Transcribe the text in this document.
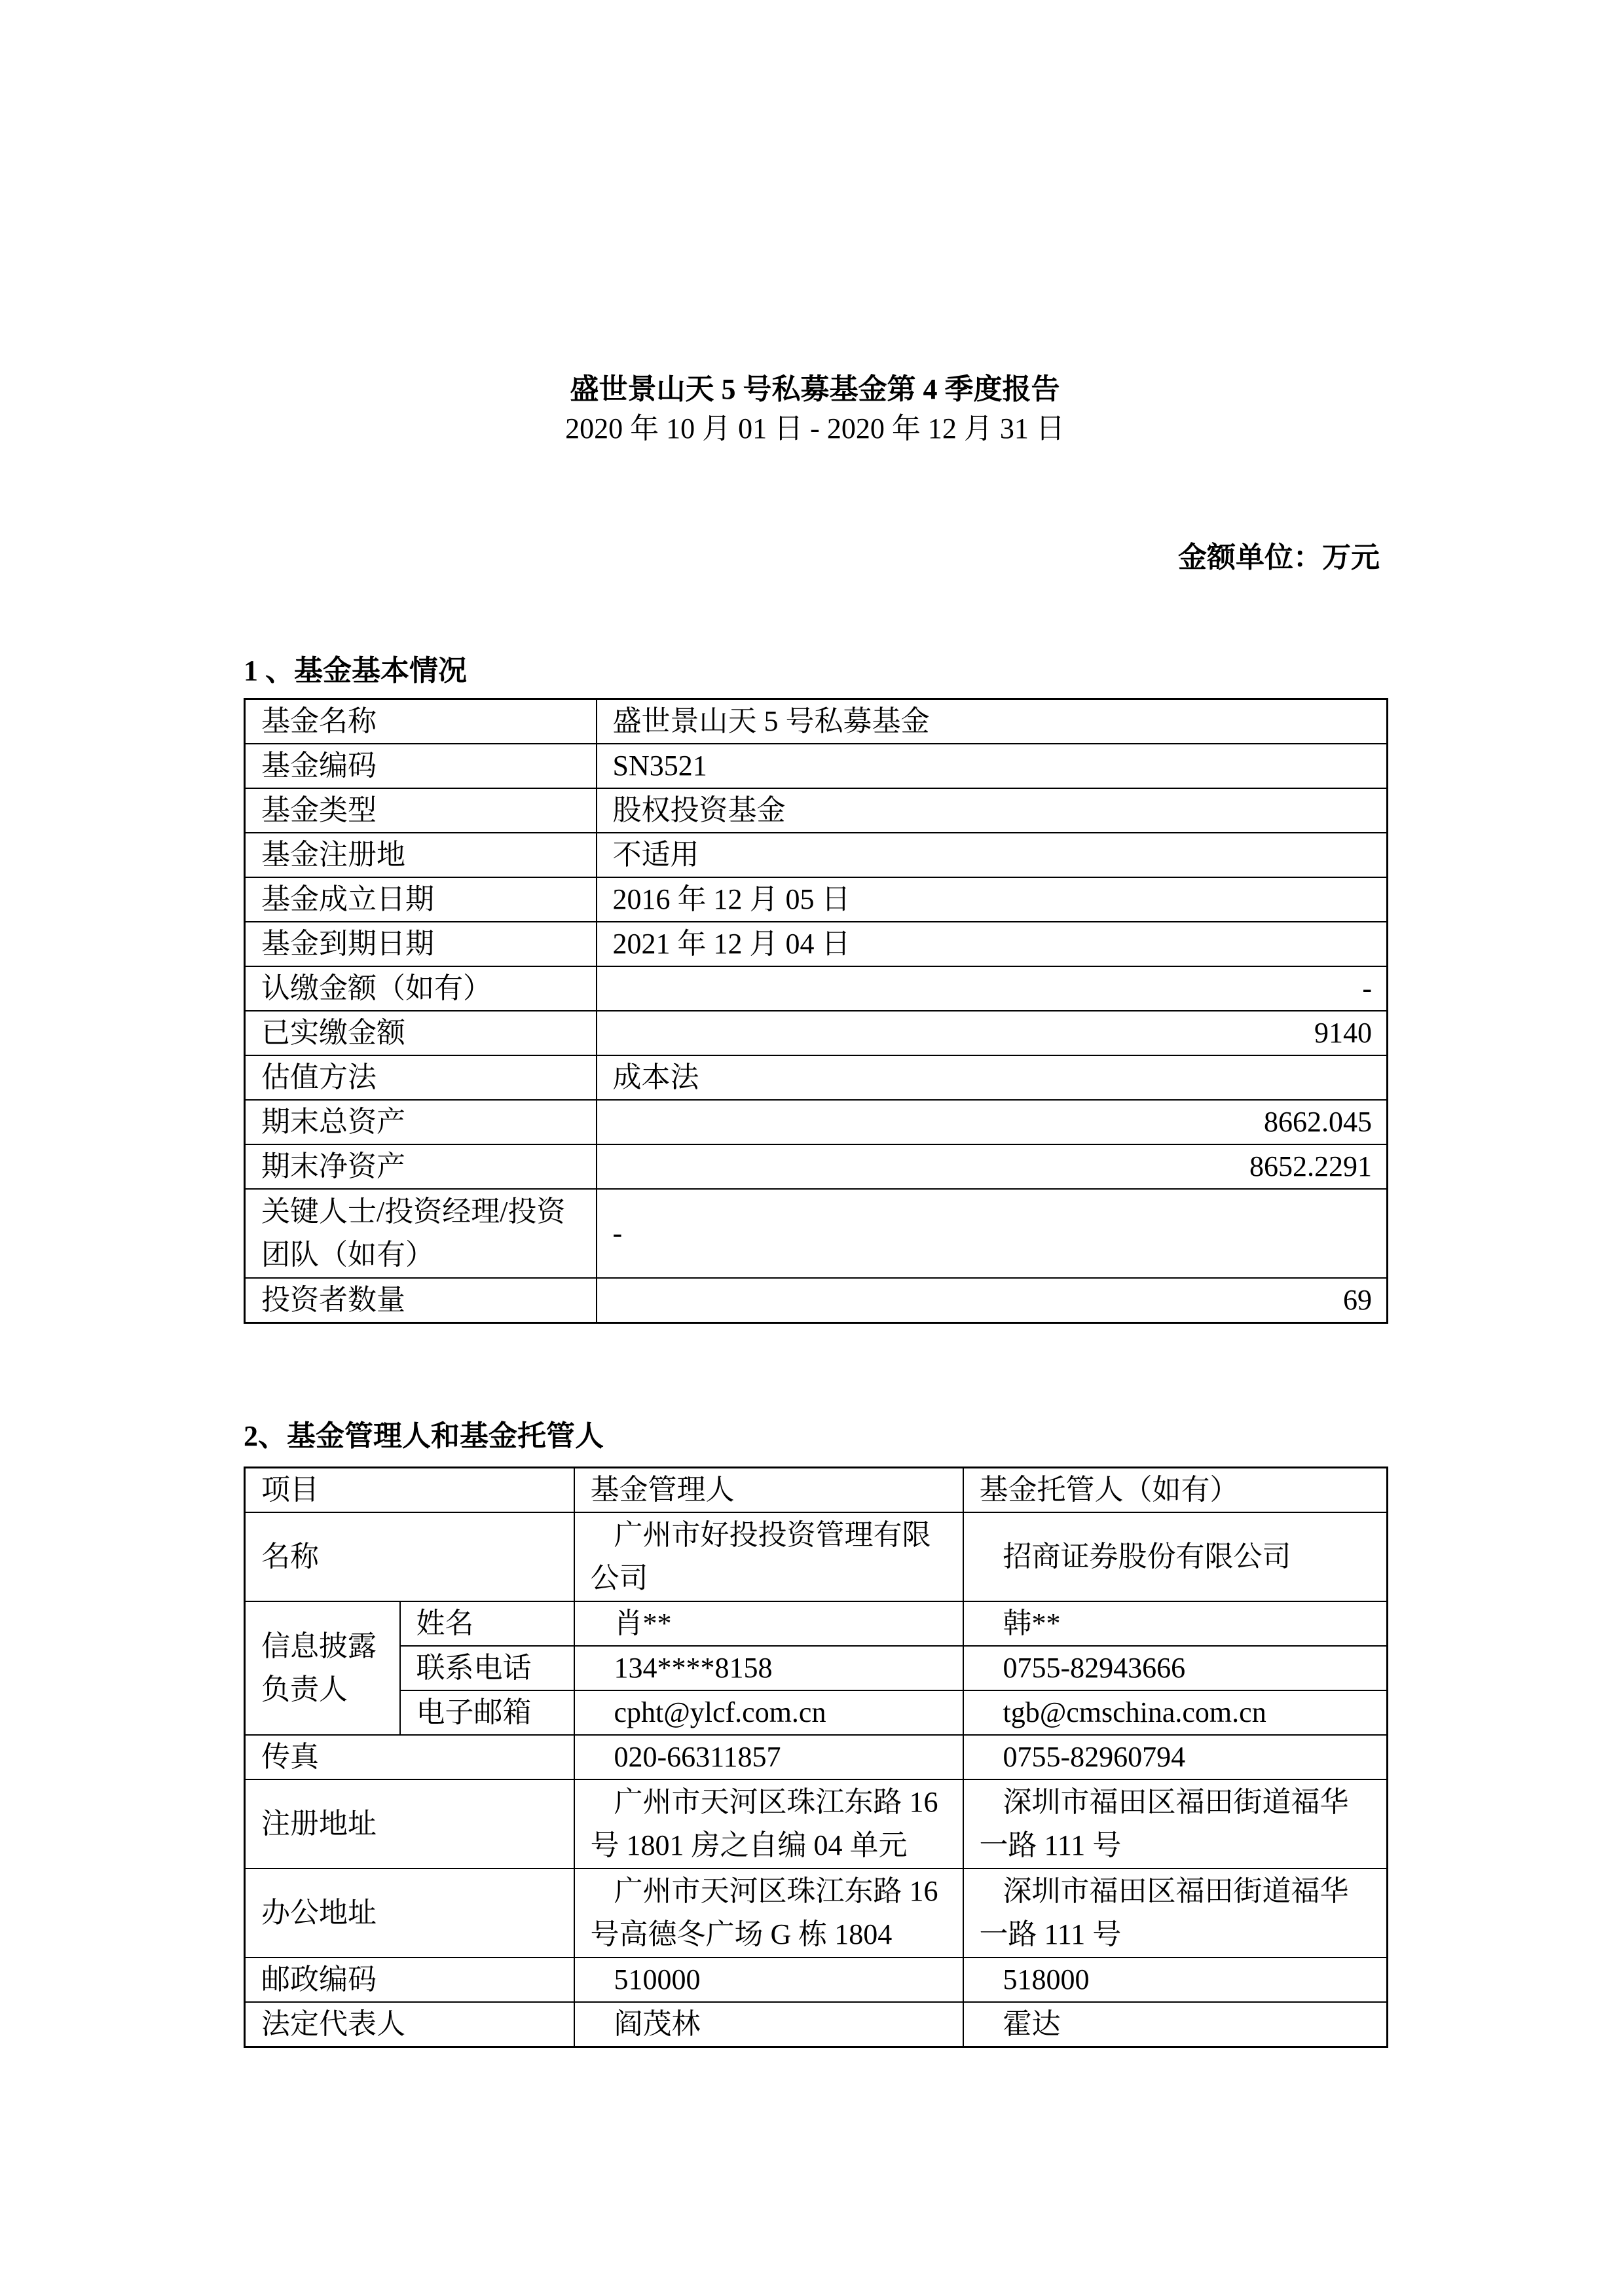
盛世景山天 5 号私募基金第 4 季度报告
2020 年 10 月 01 日 - 2020 年 12 月 31 日
金额单位：万元
1 、基金基本情况
基金名称	盛世景山天 5 号私募基金
基金编码	SN3521
基金类型	股权投资基金
基金注册地	不适用
基金成立日期	2016 年 12 月 05 日
基金到期日期	2021 年 12 月 04 日
认缴金额（如有）	-
已实缴金额	9140
估值方法	成本法
期末总资产	8662.045
期末净资产	8652.2291
关键人士/投资经理/投资团队（如有）	-
投资者数量	69
2、基金管理人和基金托管人
项目		基金管理人	基金托管人（如有）
名称		广州市好投投资管理有限公司	招商证券股份有限公司
信息披露负责人	姓名	肖**	韩**
	联系电话	134****8158	0755-82943666
	电子邮箱	cpht@ylcf.com.cn	tgb@cmschina.com.cn
传真		020-66311857	0755-82960794
注册地址		广州市天河区珠江东路 16 号 1801 房之自编 04 单元	深圳市福田区福田街道福华一路 111 号
办公地址		广州市天河区珠江东路 16 号高德冬广场 G 栋 1804	深圳市福田区福田街道福华一路 111 号
邮政编码		510000	518000
法定代表人		阎茂林	霍达
